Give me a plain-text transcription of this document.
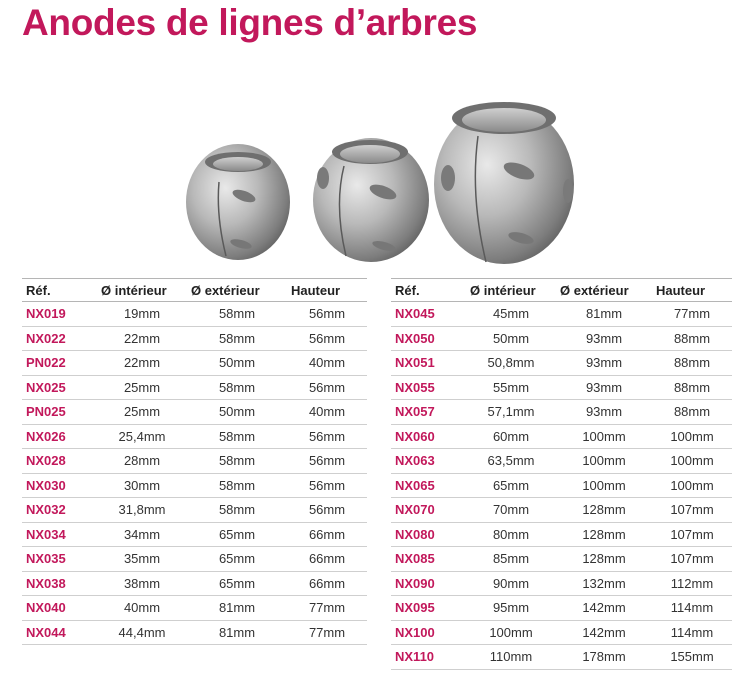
Anodes de lignes d’arbres
Réf.	Ø intérieur	Ø extérieur	Hauteur
NX019	19mm	58mm	56mm
NX022	22mm	58mm	56mm
PN022	22mm	50mm	40mm
NX025	25mm	58mm	56mm
PN025	25mm	50mm	40mm
NX026	25,4mm	58mm	56mm
NX028	28mm	58mm	56mm
NX030	30mm	58mm	56mm
NX032	31,8mm	58mm	56mm
NX034	34mm	65mm	66mm
NX035	35mm	65mm	66mm
NX038	38mm	65mm	66mm
NX040	40mm	81mm	77mm
NX044	44,4mm	81mm	77mm
Réf.	Ø intérieur	Ø extérieur	Hauteur
NX045	45mm	81mm	77mm
NX050	50mm	93mm	88mm
NX051	50,8mm	93mm	88mm
NX055	55mm	93mm	88mm
NX057	57,1mm	93mm	88mm
NX060	60mm	100mm	100mm
NX063	63,5mm	100mm	100mm
NX065	65mm	100mm	100mm
NX070	70mm	128mm	107mm
NX080	80mm	128mm	107mm
NX085	85mm	128mm	107mm
NX090	90mm	132mm	112mm
NX095	95mm	142mm	114mm
NX100	100mm	142mm	114mm
NX110	110mm	178mm	155mm
